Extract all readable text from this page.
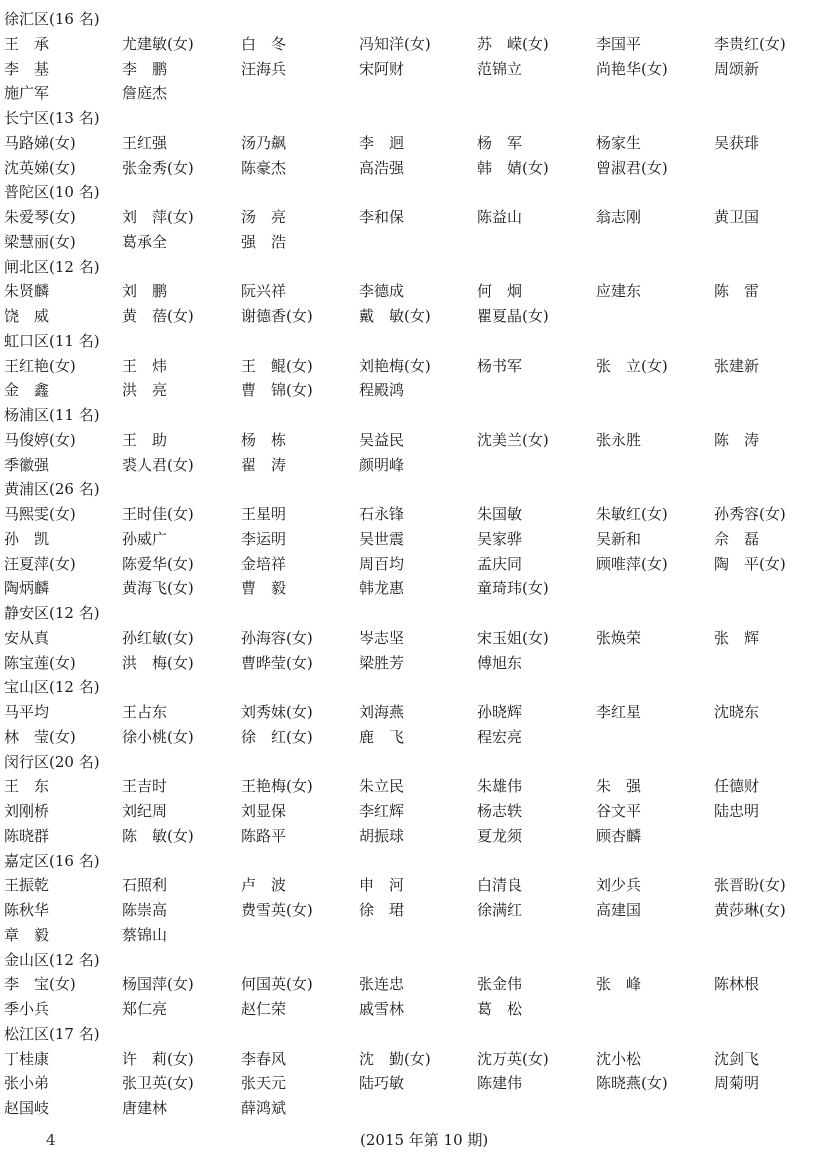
徐汇区(16 名)
王　承	尤建敏(女)	白　冬	冯知洋(女)	苏　嵘(女)	李国平	李贵红(女)
李　基	李　鹏	汪海兵	宋阿财	范锦立	尚艳华(女)	周颂新
施广军	詹庭杰
长宁区(13 名)
马路娣(女)	王红强	汤乃飙	李　迥	杨　军	杨家生	吴获琲
沈英娣(女)	张金秀(女)	陈豪杰	高浩强	韩　婧(女)	曾淑君(女)
普陀区(10 名)
朱爱琴(女)	刘　萍(女)	汤　亮	李和保	陈益山	翁志刚	黄卫国
梁慧丽(女)	葛承全	强　浩
闸北区(12 名)
朱贤麟	刘　鹏	阮兴祥	李德成	何　炯	应建东	陈　雷
饶　威	黄　蓓(女)	谢德香(女)	戴　敏(女)	瞿夏晶(女)
虹口区(11 名)
王红艳(女)	王　炜	王　鲲(女)	刘艳梅(女)	杨书军	张　立(女)	张建新
金　鑫	洪　亮	曹　锦(女)	程殿鸿
杨浦区(11 名)
马俊婷(女)	王　助	杨　栋	吴益民	沈美兰(女)	张永胜	陈　涛
季徽强	裘人君(女)	翟　涛	颜明峰
黄浦区(26 名)
马熙雯(女)	王时佳(女)	王星明	石永锋	朱国敏	朱敏红(女)	孙秀容(女)
孙　凯	孙威广	李运明	吴世震	吴家骅	吴新和	佘　磊
汪夏萍(女)	陈爱华(女)	金培祥	周百均	孟庆同	顾唯萍(女)	陶　平(女)
陶炳麟	黄海飞(女)	曹　毅	韩龙惠	童琦玮(女)
静安区(12 名)
安从真	孙红敏(女)	孙海容(女)	岑志坚	宋玉姐(女)	张焕荣	张　辉
陈宝莲(女)	洪　梅(女)	曹晔莹(女)	梁胜芳	傅旭东
宝山区(12 名)
马平均	王占东	刘秀妹(女)	刘海燕	孙晓辉	李红星	沈晓东
林　莹(女)	徐小桃(女)	徐　红(女)	鹿　飞	程宏亮
闵行区(20 名)
王　东	王吉时	王艳梅(女)	朱立民	朱雄伟	朱　强	任德财
刘刚桥	刘纪周	刘显保	李红辉	杨志轶	谷文平	陆忠明
陈晓群	陈　敏(女)	陈路平	胡振球	夏龙须	顾杏麟
嘉定区(16 名)
王振乾	石照利	卢　波	申　河	白清良	刘少兵	张晋盼(女)
陈秋华	陈崇高	费雪英(女)	徐　珺	徐满红	高建国	黄莎琳(女)
章　毅	蔡锦山
金山区(12 名)
李　宝(女)	杨国萍(女)	何国英(女)	张连忠	张金伟	张　峰	陈林根
季小兵	郑仁亮	赵仁荣	戚雪林	葛　松
松江区(17 名)
丁桂康	许　莉(女)	李春风	沈　勤(女)	沈万英(女)	沈小松	沈剑飞
张小弟	张卫英(女)	张天元	陆巧敏	陈建伟	陈晓燕(女)	周菊明
赵国岐	唐建林	薛鸿斌
4	(2015 年第 10 期)
